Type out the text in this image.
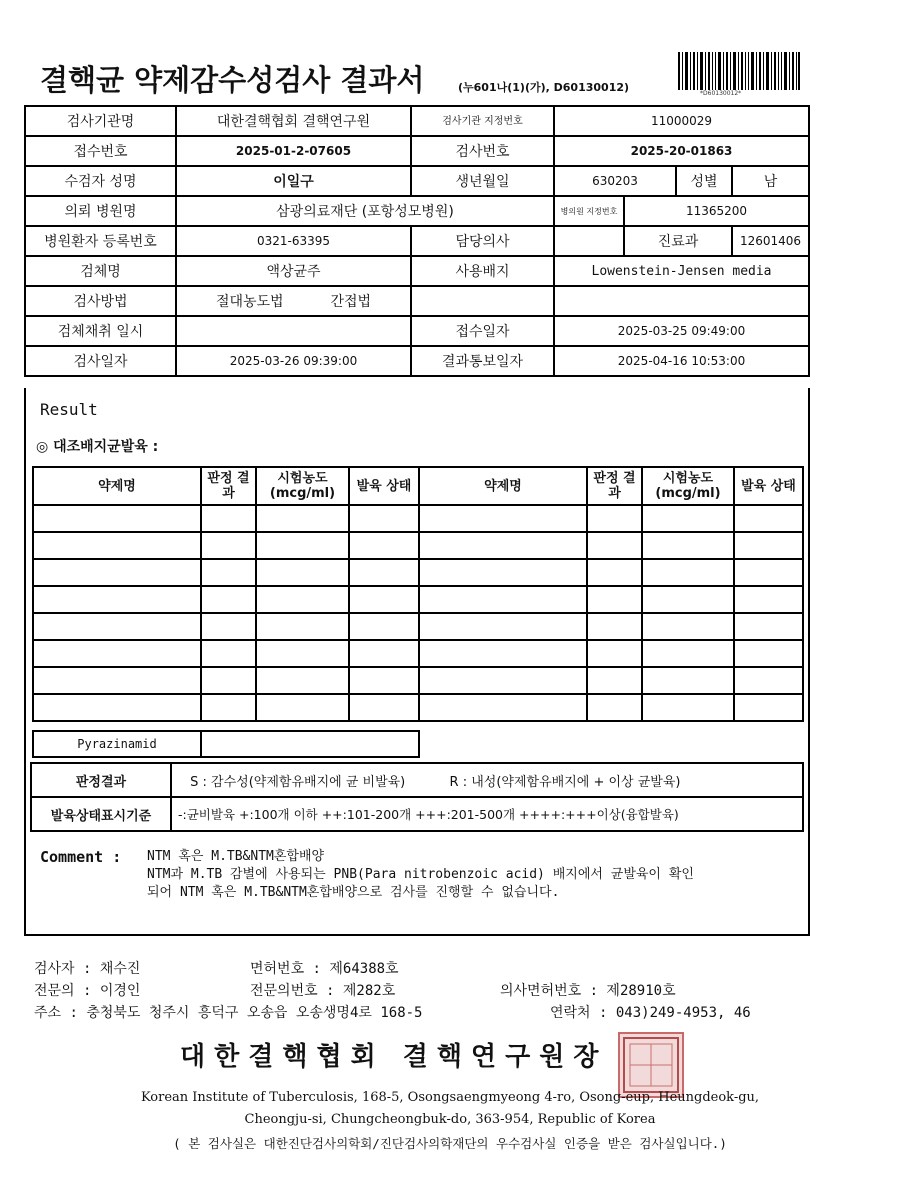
결핵균 약제감수성검사 결과서	(누601나(1)(가), D60130012)	*D60130012*
검사기관명	대한결핵협회 결핵연구원	검사기관 지정번호	11000029			
접수번호	2025-01-2-07605	검사번호	2025-20-01863			
수검자 성명	이일구	생년월일	630203		성별	남
의뢰 병원명	삼광의료재단 (포항성모병원)		병의원 지정번호	11365200		
병원환자 등록번호	0321-63395	담당의사		진료과		12601406
검체명	액상균주	사용배지	Lowenstein-Jensen media			
검사방법	절대농도법 간접법					
검체채취 일시		접수일자	2025-03-25 09:49:00			
검사일자	2025-03-26 09:39:00	결과통보일자	2025-04-16 10:53:00			
Result
◎ 대조배지균발육 :
약제명	판정 결과	시험농도 (mcg/ml)	발육 상태	약제명	판정 결과	시험농도 (mcg/ml)	발육 상태

Pyrazinamid	
판정결과	S : 감수성(약제함유배지에 균 비발육) R : 내성(약제함유배지에 + 이상 균발육)
발육상태표시기준	-:균비발육 +:100개 이하 ++:101-200개 +++:201-500개 ++++:+++이상(융합발육)
Comment : NTM 혹은 M.TB&NTM혼합배양
NTM과 M.TB 감별에 사용되는 PNB(Para nitrobenzoic acid) 배지에서 균발육이 확인
되어 NTM 혹은 M.TB&NTM혼합배양으로 검사를 진행할 수 없습니다.
검사자 : 채수진	면허번호 : 제64388호
전문의 : 이경인	전문의번호 : 제282호	의사면허번호 : 제28910호
주소 : 충청북도 청주시 흥덕구 오송읍 오송생명4로 168-5	연락처 : 043)249-4953, 46
대한결핵협회 결핵연구원장
Korean Institute of Tuberculosis, 168-5, Osongsaengmyeong 4-ro, Osong-eup, Heungdeok-gu,
Cheongju-si, Chungcheongbuk-do, 363-954, Republic of Korea
( 본 검사실은 대한진단검사의학회/진단검사의학재단의 우수검사실 인증을 받은 검사실입니다.)
